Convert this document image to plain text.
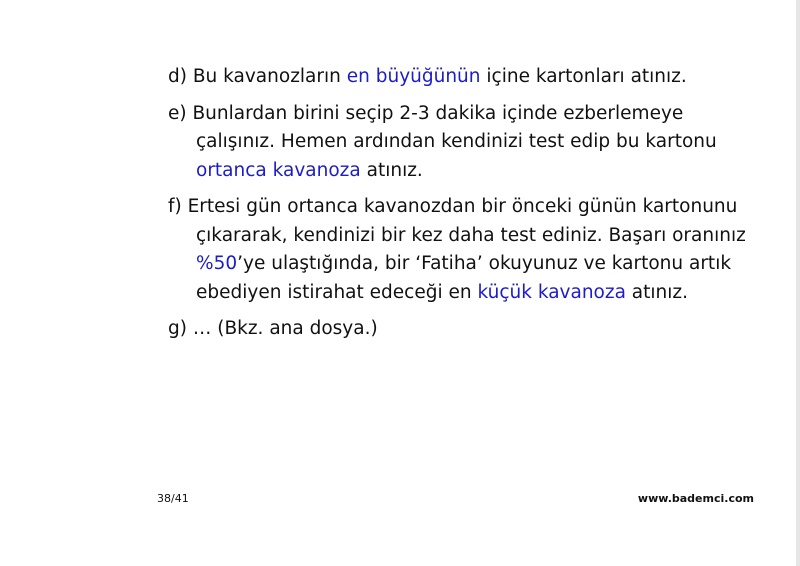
d) Bu kavanozların en büyüğünün içine kartonları atınız.

e) Bunlardan birini seçip 2-3 dakika içinde ezberlemeye çalışınız. Hemen ardından kendinizi test edip bu kartonu ortanca kavanoza atınız.

f) Ertesi gün ortanca kavanozdan bir önceki günün kartonunu çıkararak, kendinizi bir kez daha test ediniz. Başarı oranınız %50’ye ulaştığında, bir ‘Fatiha’ okuyunuz ve kartonu artık ebediyen istirahat edeceği en küçük kavanoza atınız.

g) … (Bkz. ana dosya.)

38/41	www.bademci.com
